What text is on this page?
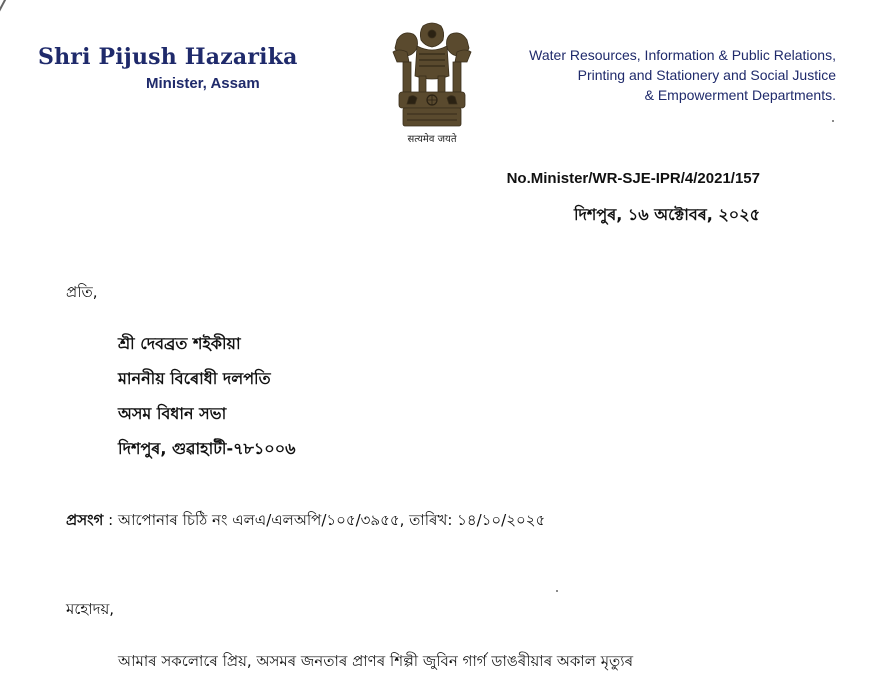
Shri Pijush Hazarika
Minister, Assam
सत्यमेव जयते
Water Resources, Information & Public Relations,
Printing and Stationery and Social Justice
& Empowerment Departments.
No.Minister/WR-SJE-IPR/4/2021/157
দিশপুৰ, ১৬ অক্টোবৰ, ২০২৫
প্ৰতি,
শ্ৰী দেবব্ৰত শইকীয়া
মাননীয় বিৰোধী দলপতি
অসম বিধান সভা
দিশপুৰ, গুৱাহাটী-৭৮১০০৬
প্ৰসংগ : আপোনাৰ চিঠি নং এলএ/এলঅপি/১০৫/৩৯৫৫, তাৰিখ: ১৪/১০/২০২৫
মহোদয়,
আমাৰ সকলোৰে প্ৰিয়, অসমৰ জনতাৰ প্ৰাণৰ শিল্পী জুবিন গাৰ্গ ডাঙৰীয়াৰ অকাল মৃত্যুৰ
